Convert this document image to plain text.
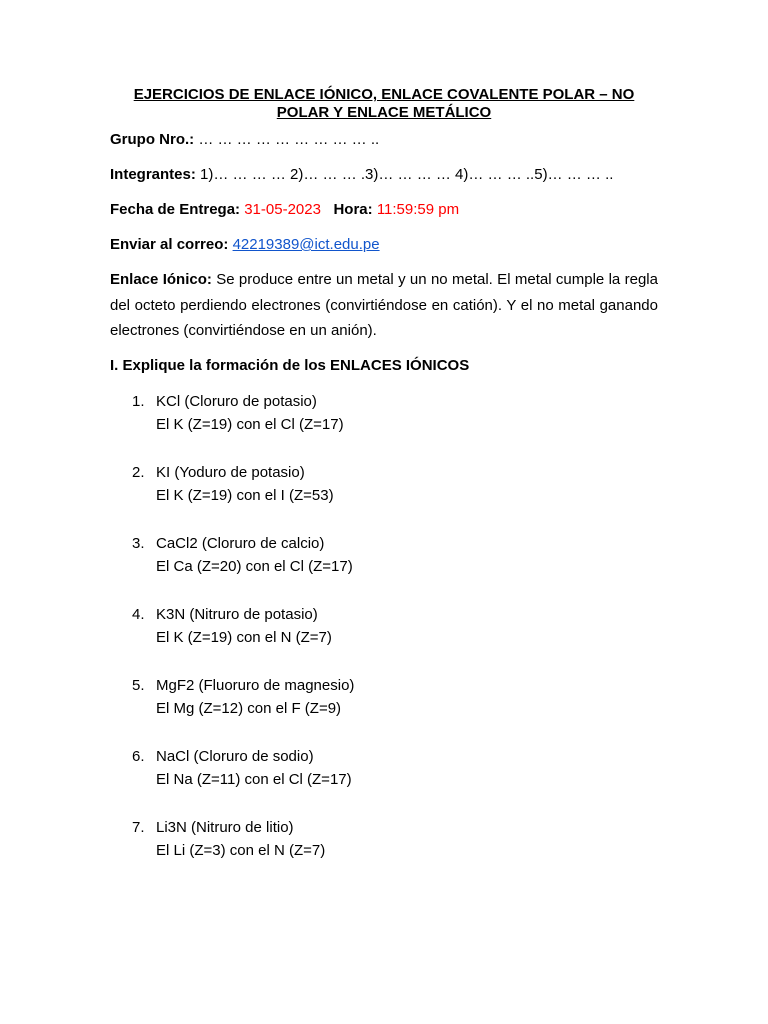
EJERCICIOS DE ENLACE IÓNICO, ENLACE COVALENTE POLAR – NO
POLAR Y ENLACE METÁLICO

Grupo Nro.: … … … … … … … … … ..

Integrantes: 1)… … … … 2)… … … .3)… … … … 4)… … … ..5)… … … ..

Fecha de Entrega: 31-05-2023 Hora: 11:59:59 pm

Enviar al correo: 42219389@ict.edu.pe

Enlace Iónico: Se produce entre un metal y un no metal. El metal cumple la regla del octeto perdiendo electrones (convirtiéndose en catión). Y el no metal ganando electrones (convirtiéndose en un anión).

I. Explique la formación de los ENLACES IÓNICOS

1. KCl (Cloruro de potasio)
El K (Z=19) con el Cl (Z=17)
2. KI (Yoduro de potasio)
El K (Z=19) con el I (Z=53)
3. CaCl2 (Cloruro de calcio)
El Ca (Z=20) con el Cl (Z=17)
4. K3N (Nitruro de potasio)
El K (Z=19) con el N (Z=7)
5. MgF2 (Fluoruro de magnesio)
El Mg (Z=12) con el F (Z=9)
6. NaCl (Cloruro de sodio)
El Na (Z=11) con el Cl (Z=17)
7. Li3N (Nitruro de litio)
El Li (Z=3) con el N (Z=7)
